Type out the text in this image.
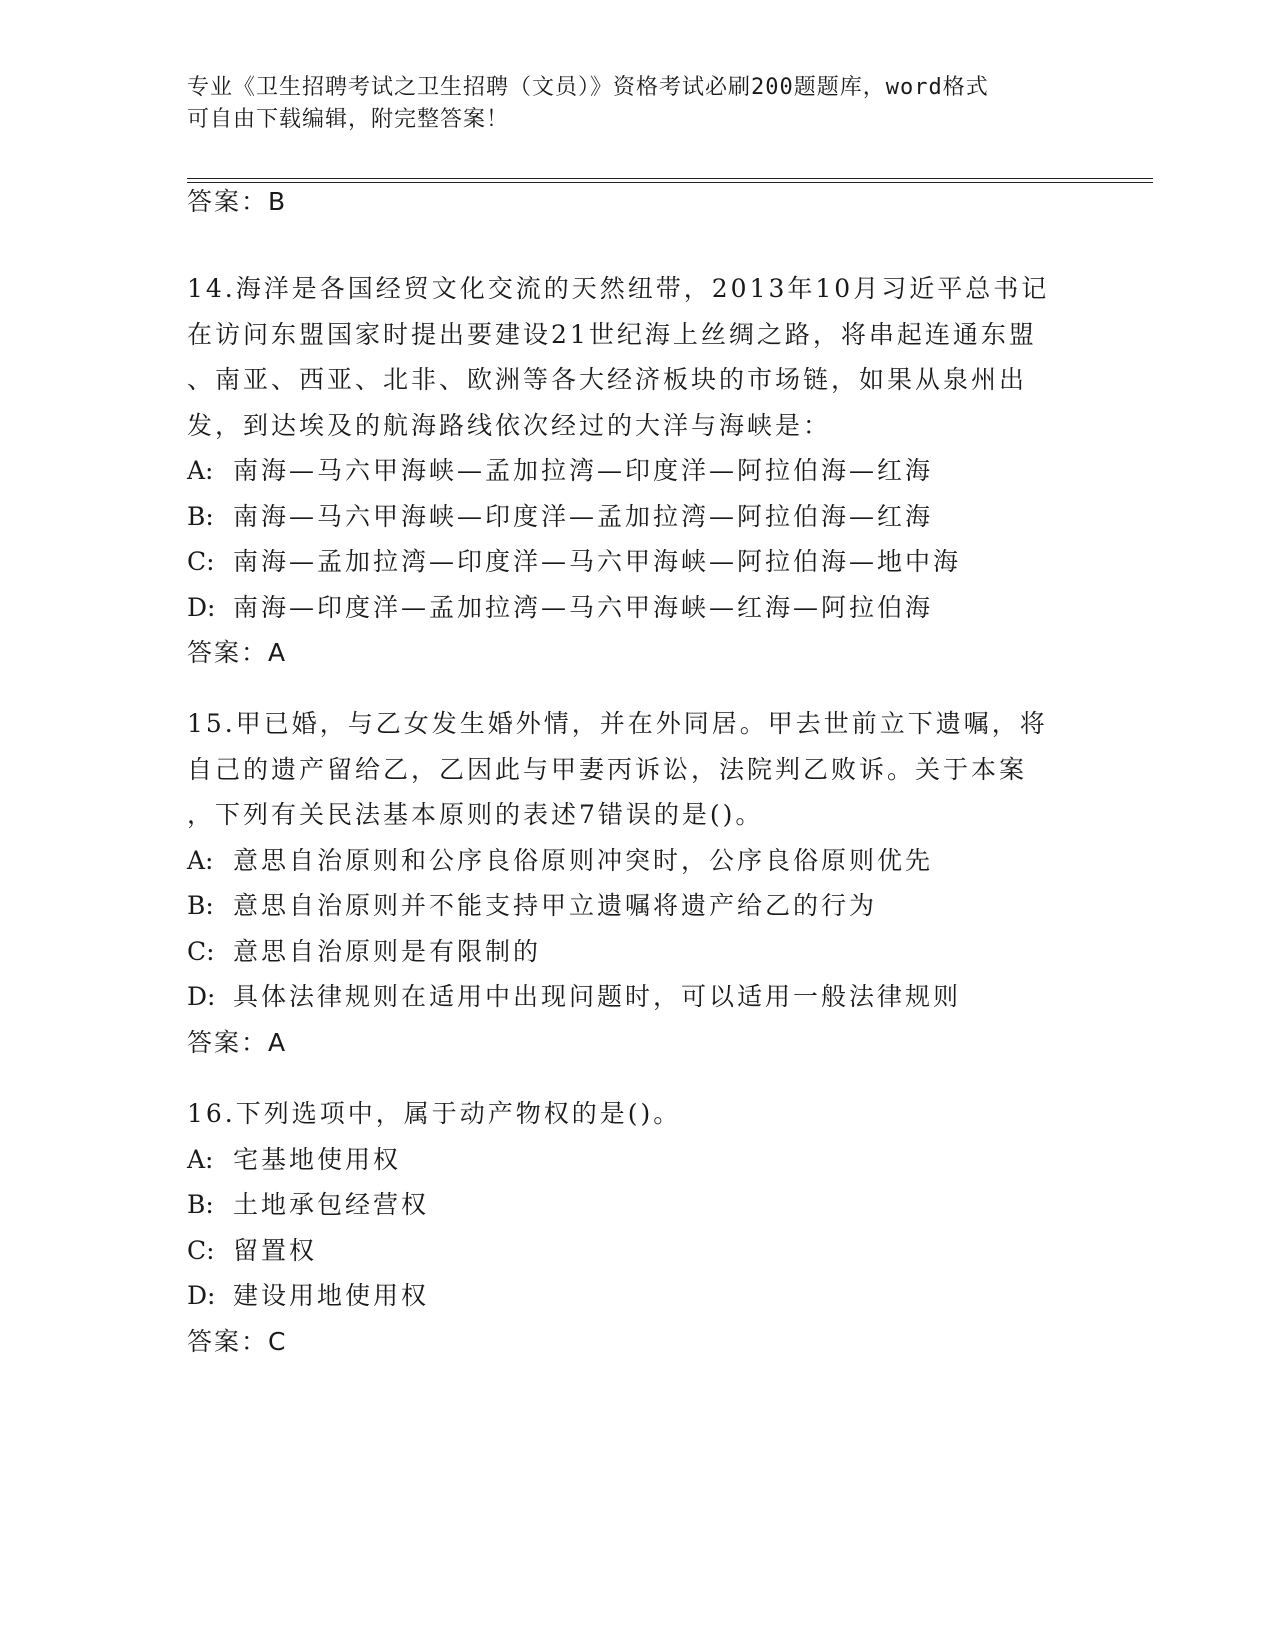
专业《卫生招聘考试之卫生招聘（文员）》资格考试必刷200题题库，word格式
可自由下载编辑，附完整答案！
答案：B
14.海洋是各国经贸文化交流的天然纽带，2013年10月习近平总书记
在访问东盟国家时提出要建设21世纪海上丝绸之路，将串起连通东盟
、南亚、西亚、北非、欧洲等各大经济板块的市场链，如果从泉州出
发，到达埃及的航海路线依次经过的大洋与海峡是：
A: 南海—马六甲海峡—孟加拉湾—印度洋—阿拉伯海—红海
B: 南海—马六甲海峡—印度洋—孟加拉湾—阿拉伯海—红海
C: 南海—孟加拉湾—印度洋—马六甲海峡—阿拉伯海—地中海
D: 南海—印度洋—孟加拉湾—马六甲海峡—红海—阿拉伯海
答案：A
15.甲已婚，与乙女发生婚外情，并在外同居。甲去世前立下遗嘱，将
自己的遗产留给乙，乙因此与甲妻丙诉讼，法院判乙败诉。关于本案
，下列有关民法基本原则的表述7错误的是()。
A: 意思自治原则和公序良俗原则冲突时，公序良俗原则优先
B: 意思自治原则并不能支持甲立遗嘱将遗产给乙的行为
C: 意思自治原则是有限制的
D: 具体法律规则在适用中出现问题时，可以适用一般法律规则
答案：A
16.下列选项中，属于动产物权的是()。
A: 宅基地使用权
B: 土地承包经营权
C: 留置权
D: 建设用地使用权
答案：C
